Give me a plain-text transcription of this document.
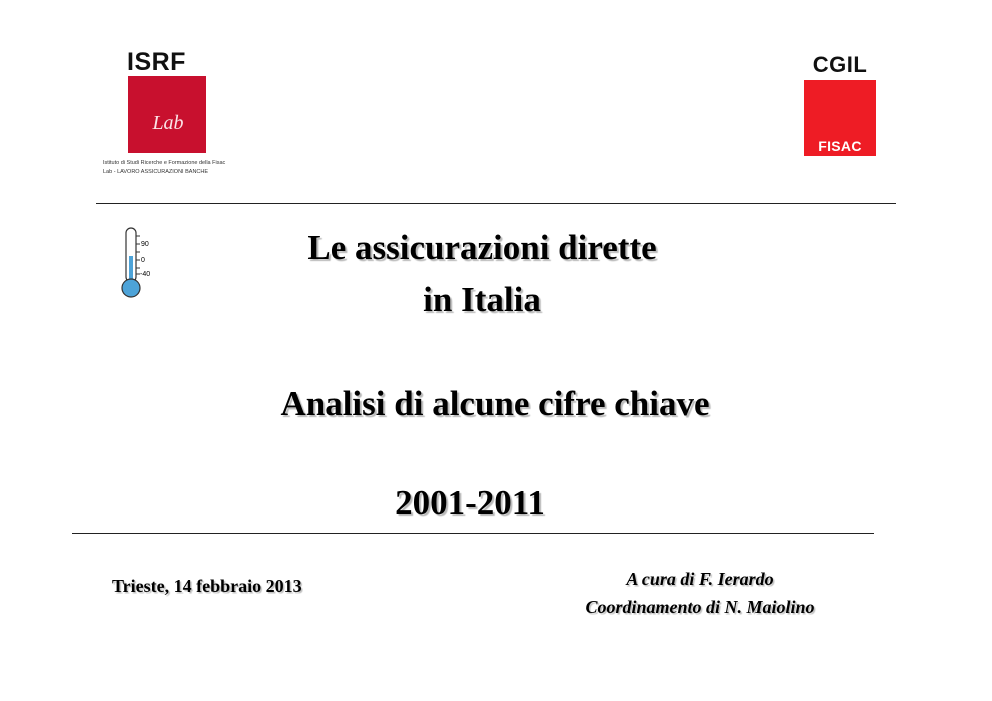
ISRF
Lab
Istituto di Studi Ricerche e Formazione della Fisac
Lab - LAVORO ASSICURAZIONI BANCHE
CGIL
FISAC
90
0
-40
Le assicurazioni dirette
in Italia
Analisi di alcune cifre chiave
2001-2011
Trieste, 14 febbraio 2013	A cura di F. Ierardo
Coordinamento di N. Maiolino
